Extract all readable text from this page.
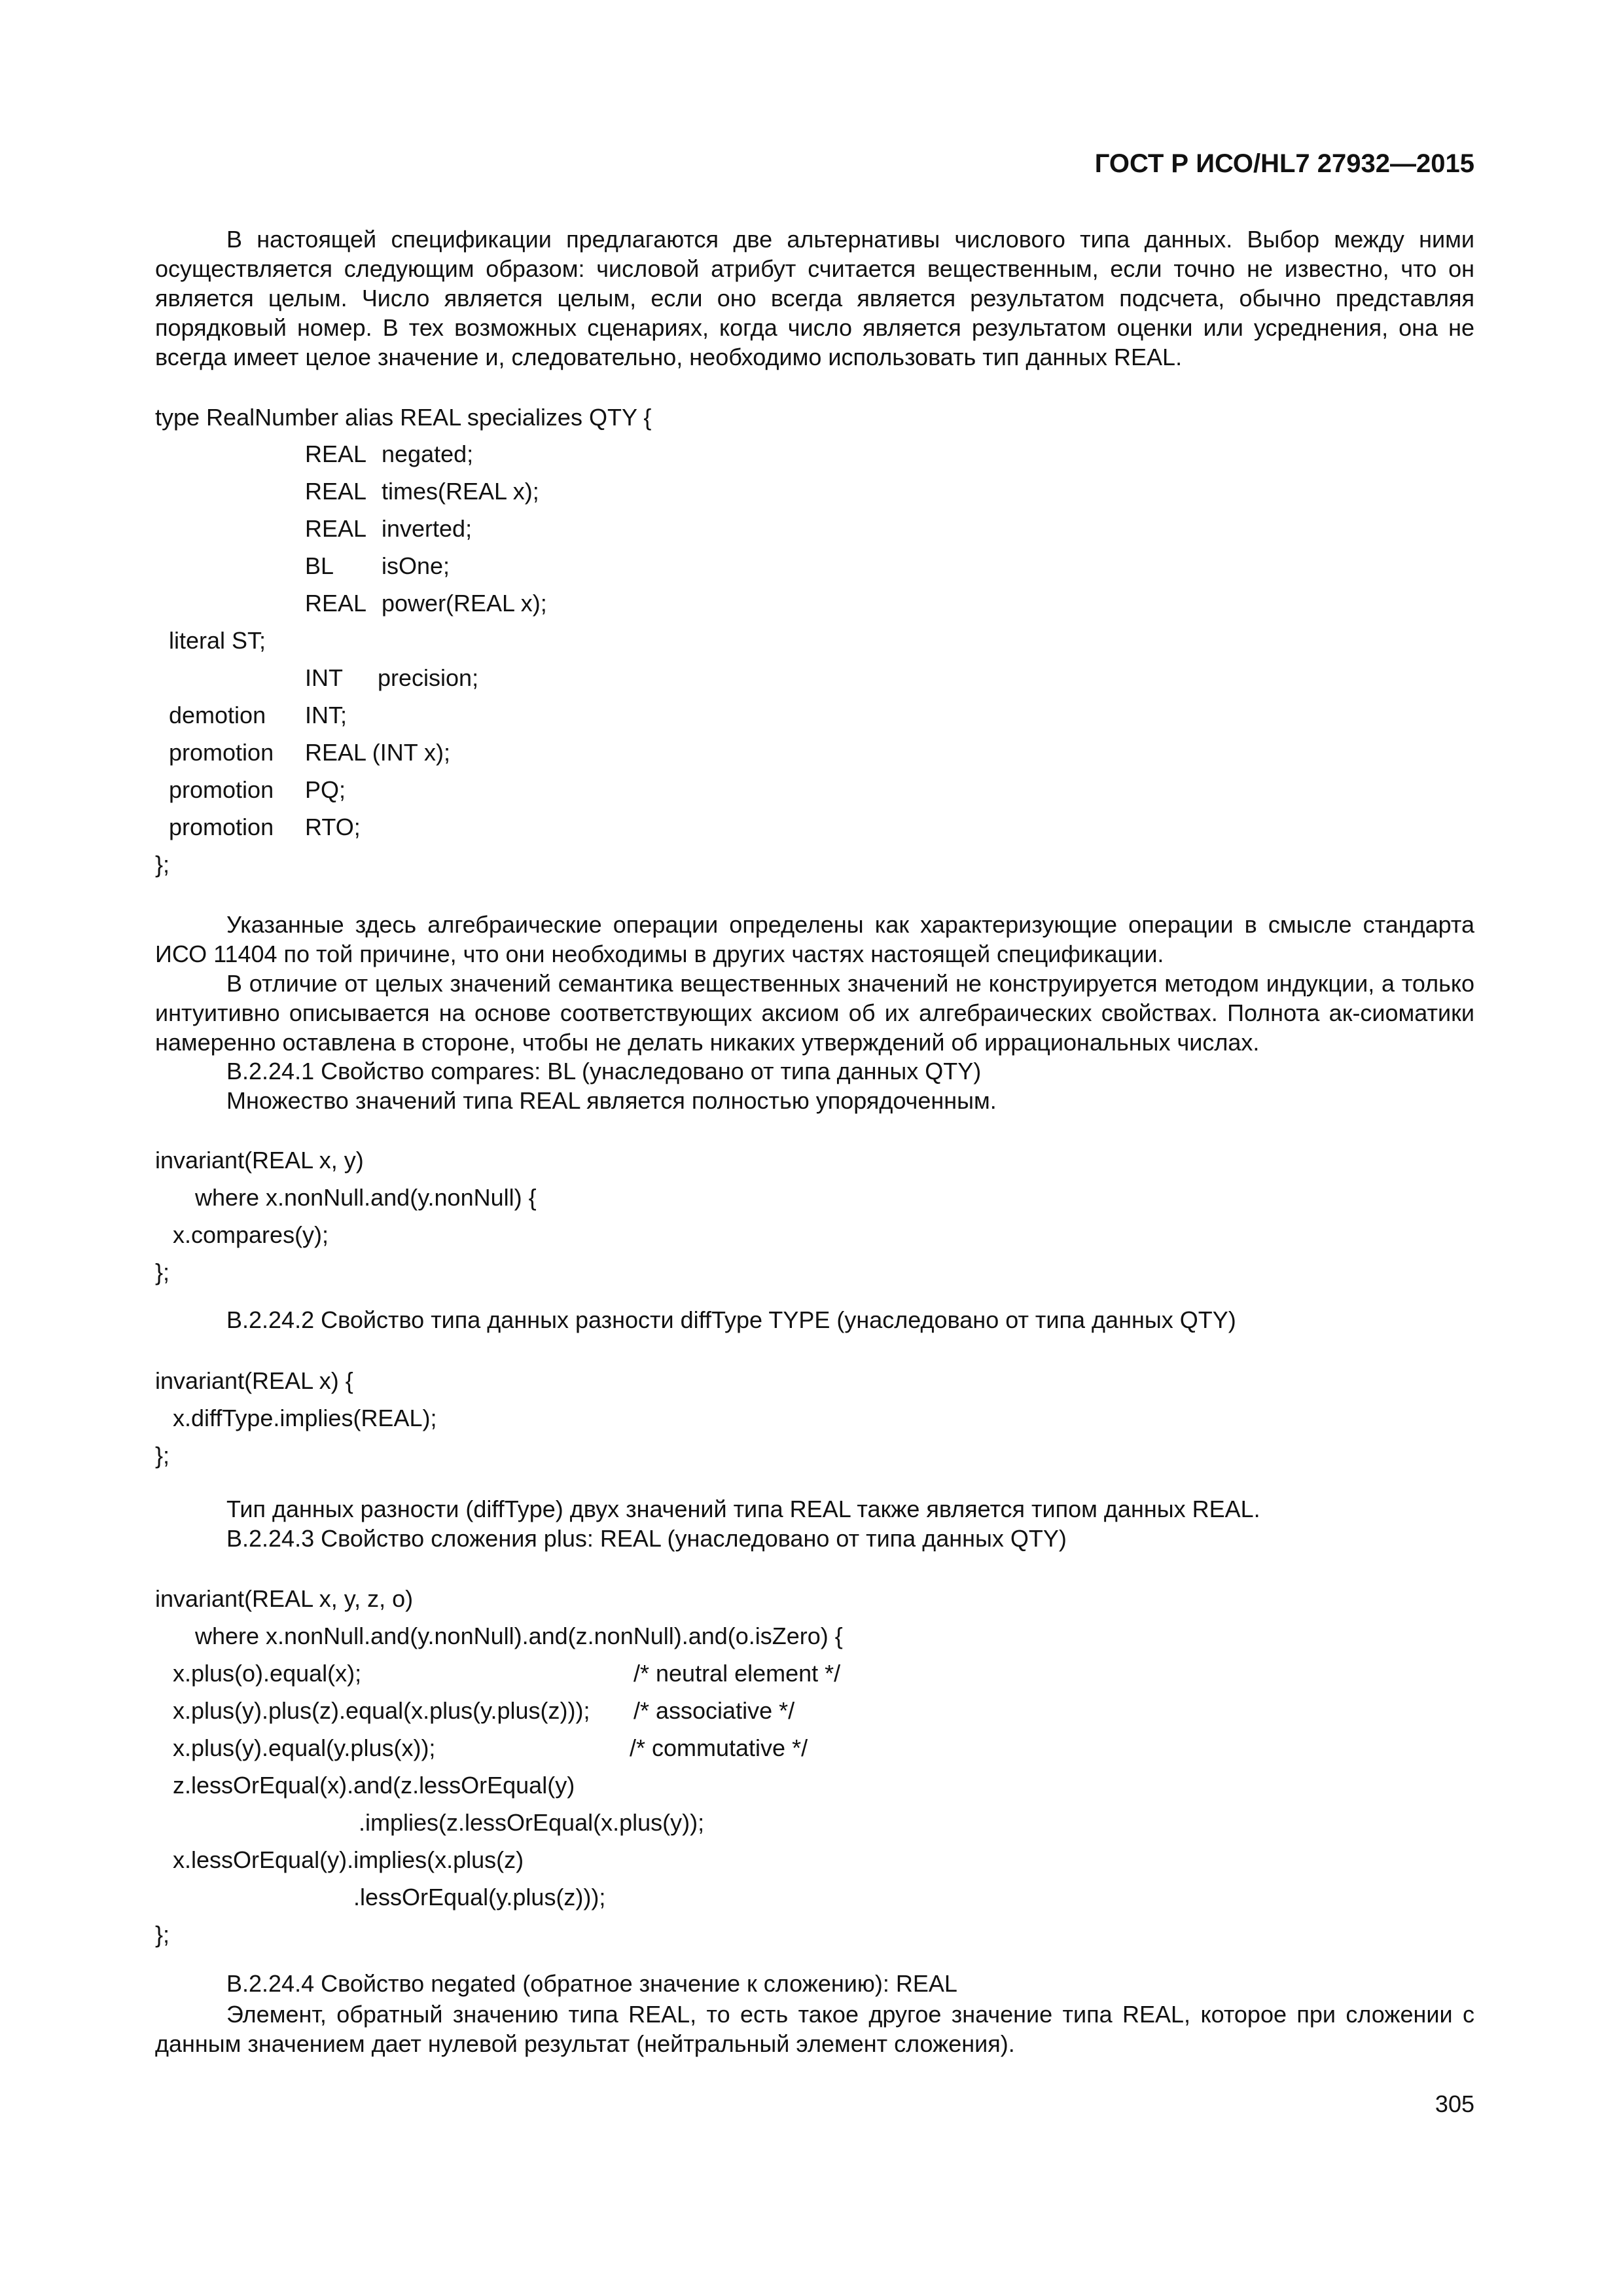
ГОСТ Р ИСО/HL7 27932—2015

В настоящей спецификации предлагаются две альтернативы числового типа данных. Выбор между ними осуществляется следующим образом: числовой атрибут считается вещественным, если точно не известно, что он является целым. Число является целым, если оно всегда является результатом подсчета, обычно представляя порядковый номер. В тех возможных сценариях, когда число является результатом оценки или усреднения, она не всегда имеет целое значение и, следовательно, необходимо использовать тип данных REAL.

type RealNumber alias REAL specializes QTY {
REAL negated;
REAL times(REAL x);
REAL inverted;
BL isOne;
REAL power(REAL x);
literal ST;
INT precision;
demotion INT;
promotion REAL (INT x);
promotion PQ;
promotion RTO;
};

Указанные здесь алгебраические операции определены как характеризующие операции в смысле стандарта ИСО 11404 по той причине, что они необходимы в других частях настоящей спецификации.

В отличие от целых значений семантика вещественных значений не конструируется методом индукции, а только интуитивно описывается на основе соответствующих аксиом об их алгебраических свойствах. Полнота ак-сиоматики намеренно оставлена в стороне, чтобы не делать никаких утверждений об иррациональных числах.

В.2.24.1 Свойство compares: BL (унаследовано от типа данных QTY)
Множество значений типа REAL является полностью упорядоченным.
invariant(REAL x, y)
where x.nonNull.and(y.nonNull) {
x.compares(y);
};
В.2.24.2 Свойство типа данных разности diffType TYPE (унаследовано от типа данных QTY)
invariant(REAL x) {
x.diffType.implies(REAL);
};
Тип данных разности (diffType) двух значений типа REAL также является типом данных REAL.
В.2.24.3 Свойство сложения plus: REAL (унаследовано от типа данных QTY)
invariant(REAL x, y, z, o)
where x.nonNull.and(y.nonNull).and(z.nonNull).and(o.isZero) {
x.plus(o).equal(x);	/* neutral element */
x.plus(y).plus(z).equal(x.plus(y.plus(z))); /* associative */
x.plus(y).equal(y.plus(x));	/* commutative */
z.lessOrEqual(x).and(z.lessOrEqual(y)
.implies(z.lessOrEqual(x.plus(y));
x.lessOrEqual(y).implies(x.plus(z)
.lessOrEqual(y.plus(z)));
};
В.2.24.4 Свойство negated (обратное значение к сложению): REAL

Элемент, обратный значению типа REAL, то есть такое другое значение типа REAL, которое при сложении с данным значением дает нулевой результат (нейтральный элемент сложения).

305
